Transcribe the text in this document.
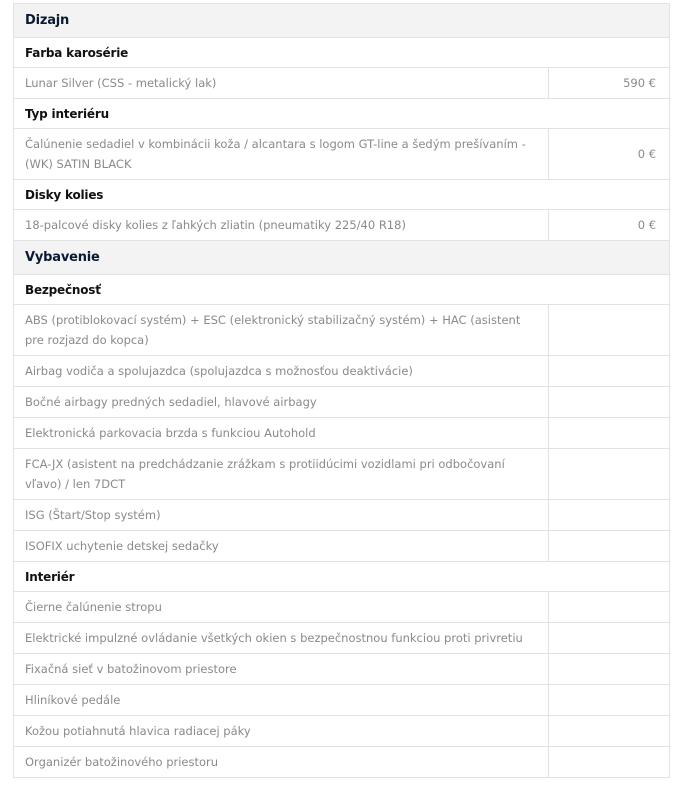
Dizajn	
Farba karosérie	
Lunar Silver (CSS - metalický lak)	590 €
Typ interiéru	
Čalúnenie sedadiel v kombinácii koža / alcantara s logom GT-line a šedým prešívaním - (WK) SATIN BLACK	0 €
Disky kolies	
18-palcové disky kolies z ľahkých zliatin (pneumatiky 225/40 R18)	0 €
Vybavenie	
Bezpečnosť	
ABS (protiblokovací systém) + ESC (elektronický stabilizačný systém) + HAC (asistent pre rozjazd do kopca)	
Airbag vodiča a spolujazdca (spolujazdca s možnosťou deaktivácie)	
Bočné airbagy predných sedadiel, hlavové airbagy	
Elektronická parkovacia brzda s funkciou Autohold	
FCA-JX (asistent na predchádzanie zrážkam s protiidúcimi vozidlami pri odbočovaní vľavo) / len 7DCT	
ISG (Štart/Stop systém)	
ISOFIX uchytenie detskej sedačky	
Interiér	
Čierne čalúnenie stropu	
Elektrické impulzné ovládanie všetkých okien s bezpečnostnou funkciou proti privretiu	
Fixačná sieť v batožinovom priestore	
Hliníkové pedále	
Kožou potiahnutá hlavica radiacej páky	
Organizér batožinového priestoru	
